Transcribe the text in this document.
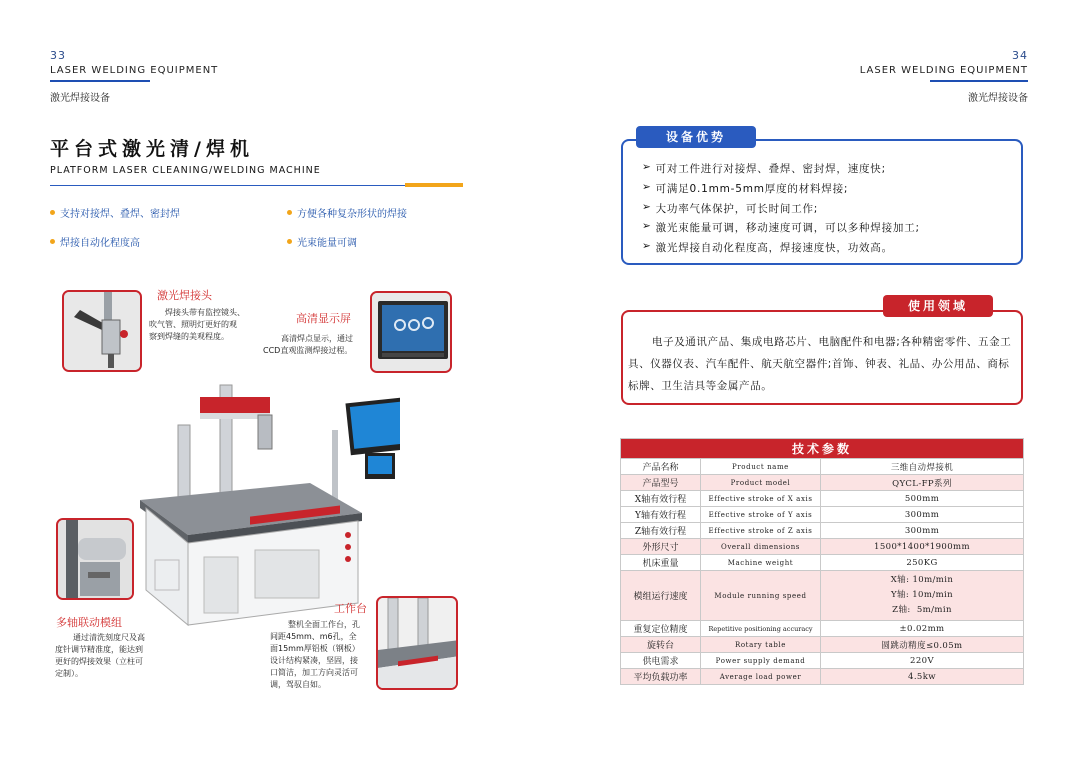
33
LASER WELDING EQUIPMENT
激光焊接设备
34
LASER WELDING EQUIPMENT
激光焊接设备
平台式激光清/焊机
PLATFORM LASER CLEANING/WELDING MACHINE
支持对接焊、叠焊、密封焊	方便各种复杂形状的焊接
焊接自动化程度高	光束能量可调
激光焊接头
焊接头带有监控镜头、
吹气管、照明灯更好的观
察到焊缝的美观程度。
高清显示屏
高清焊点显示，通过
CCD直观监测焊接过程。
多轴联动模组
通过清洗刻度尺及高
度针调节精准度，能达到
更好的焊接效果（立柱可
定制）。
工作台
整机全面工作台，孔
间距45mm、m6孔，全
面15mm厚铝板（钢板）
设计结构紧凑，坚固，接
口简洁，加工方向灵活可
调，驾驭自如。
设备优势
➢ 可对工件进行对接焊、叠焊、密封焊，速度快;
➢ 可满足0.1mm-5mm厚度的材料焊接;
➢ 大功率气体保护，可长时间工作;
➢ 激光束能量可调，移动速度可调，可以多种焊接加工;
➢ 激光焊接自动化程度高，焊接速度快，功效高。
使用领域
电子及通讯产品、集成电路芯片、电脑配件和电器;各种精密零件、五金工具、仪器仪表、汽车配件、航天航空器件;首饰、钟表、礼品、办公用品、商标标牌、卫生洁具等金属产品。
技术参数		
产品名称	Product name	三维自动焊接机
产品型号	Product model	QYCL-FP系列
X轴有效行程	Effective stroke of X axis	500mm
Y轴有效行程	Effective stroke of Y axis	300mm
Z轴有效行程	Effective stroke of Z axis	300mm
外形尺寸	Overall dimensions	1500*1400*1900mm
机床重量	Machine weight	250KG
模组运行速度	Module running speed	X轴: 10m/min
Y轴: 10m/min
Z轴:  5m/min

重复定位精度	Repetitive positioning accuracy	±0.02mm
旋转台	Rotary table	圆跳动精度≤0.05m
供电需求	Power supply demand	220V
平均负载功率	Average load power	4.5kw
